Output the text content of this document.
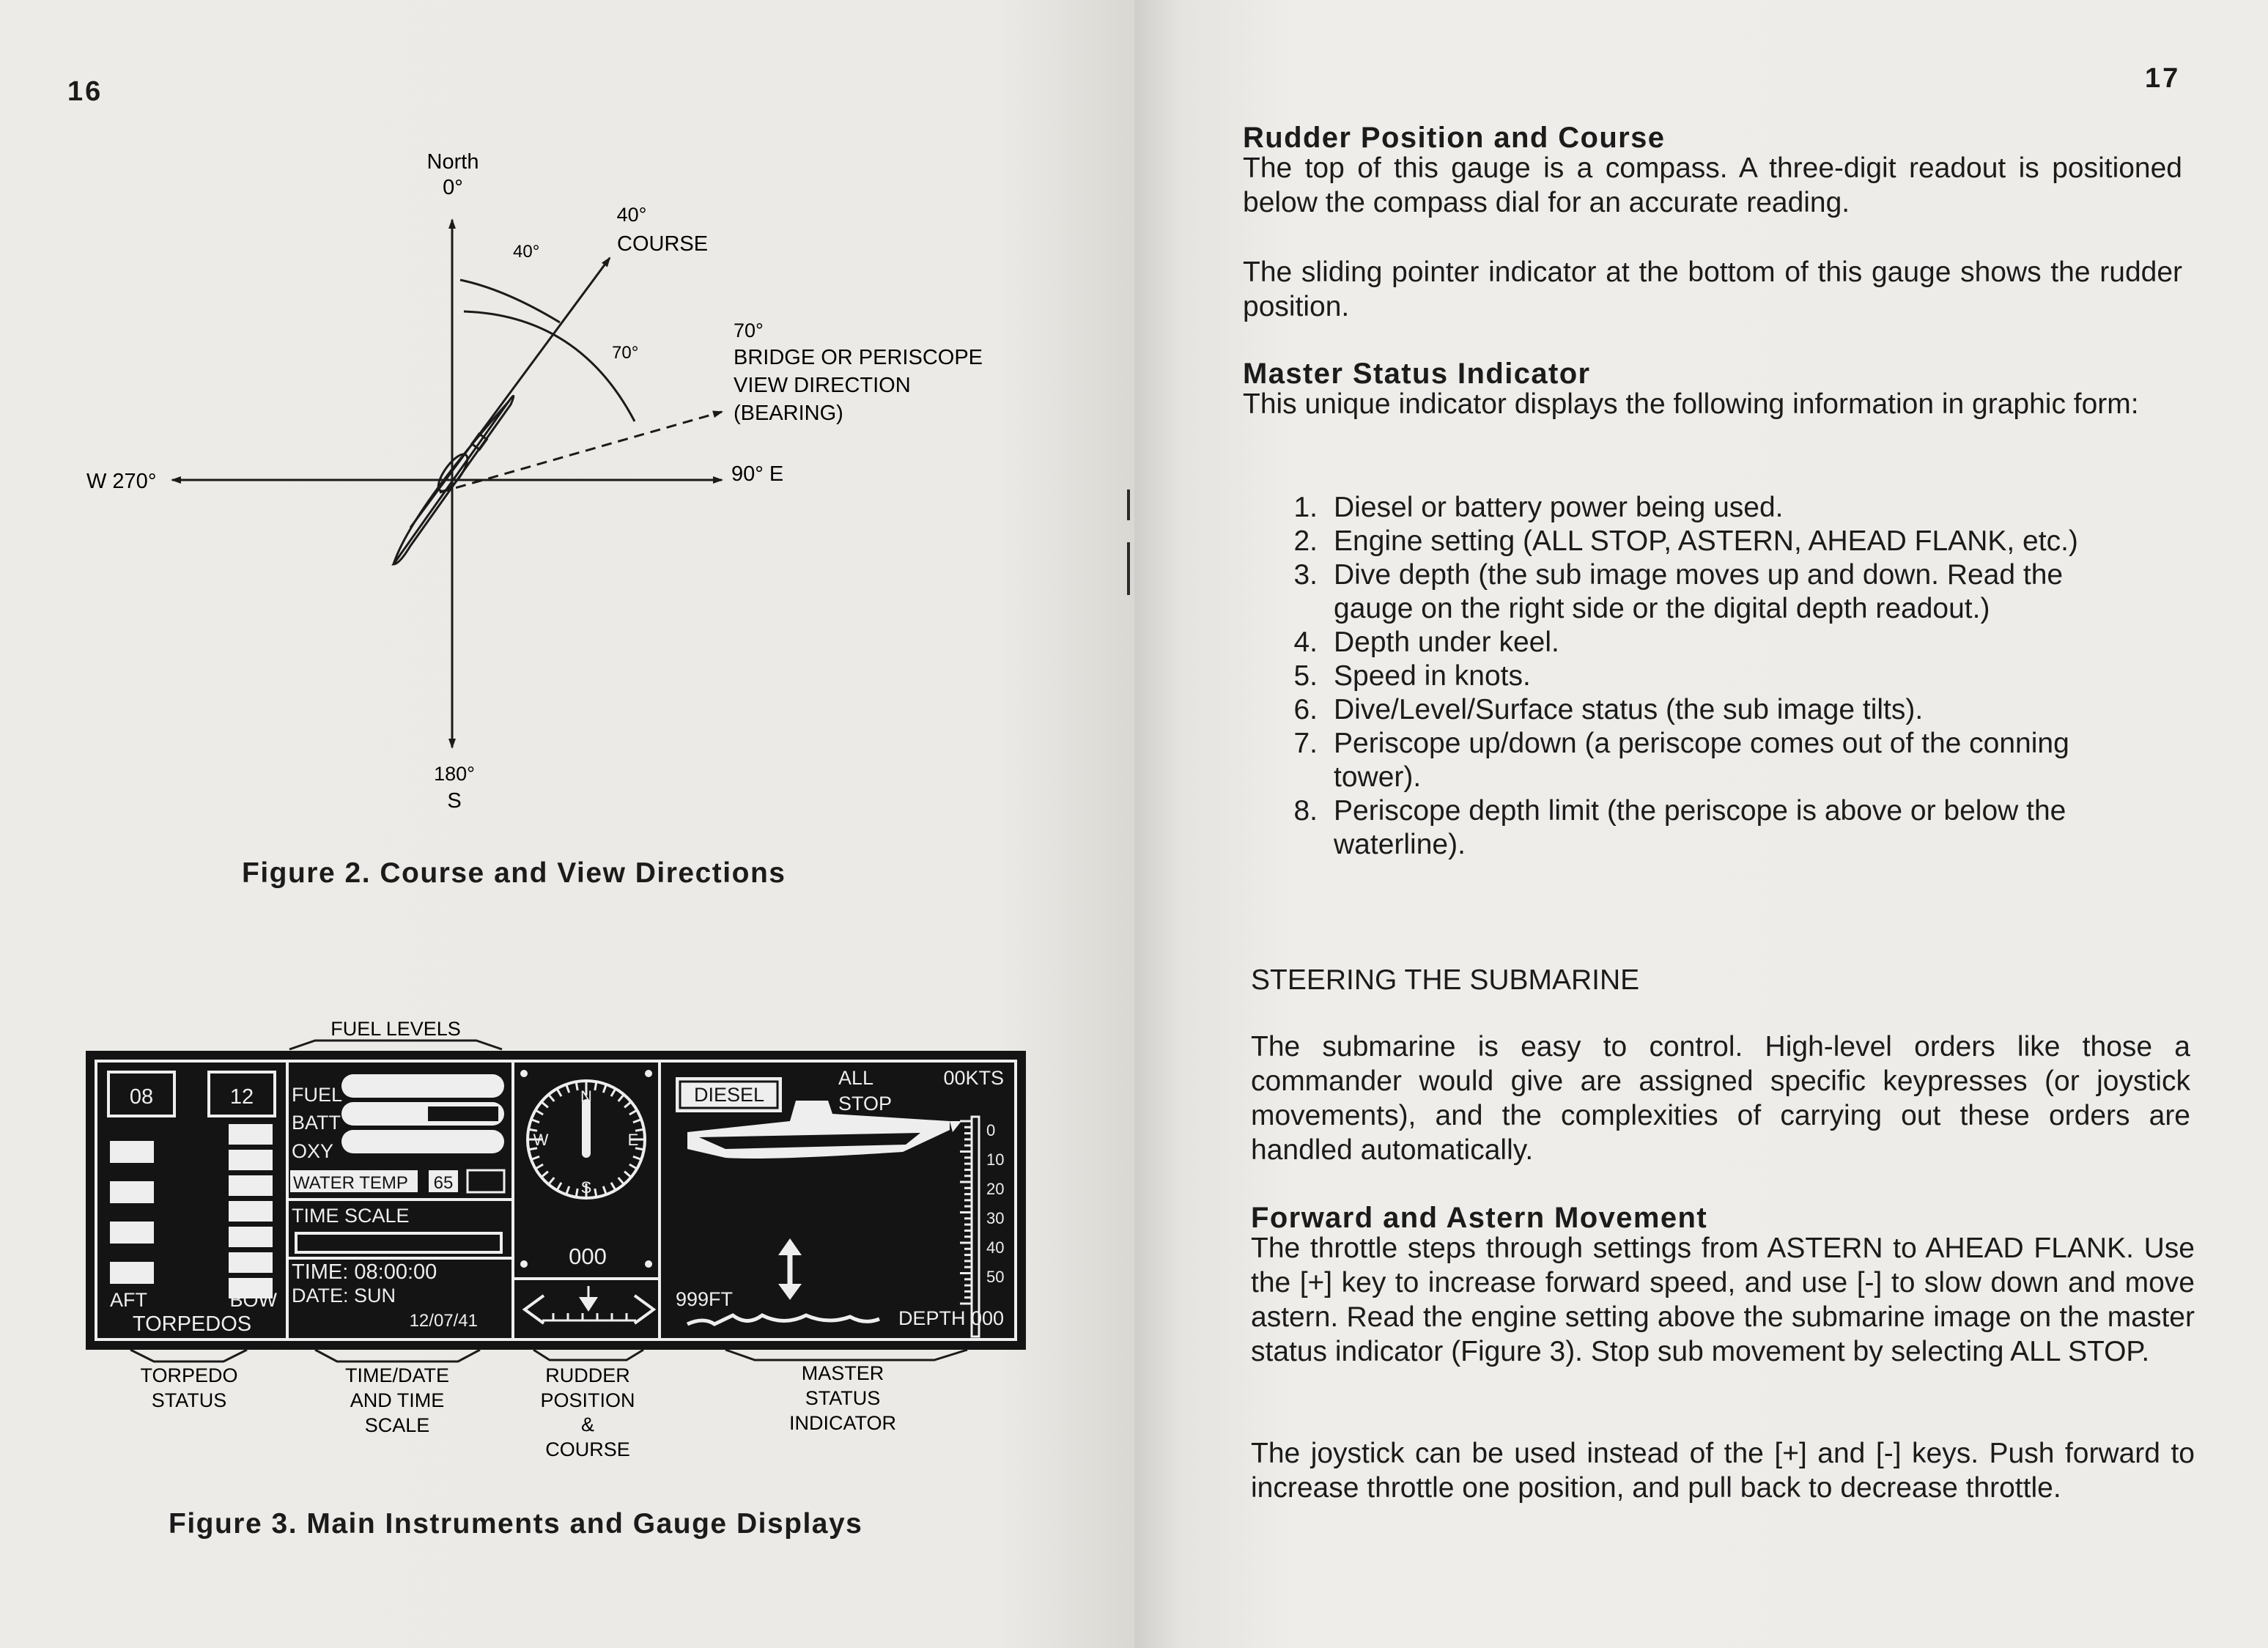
16
North
0°
40°
COURSE
40°
70°
70°
BRIDGE OR PERISCOPE
VIEW DIRECTION
(BEARING)
W 270°	90° E
180°
S
Figure 2. Course and View Directions
FUEL LEVELS
08	12
AFT	BOW
TORPEDOS
FUEL
BATT
OXY
WATER TEMP 65
TIME SCALE
TIME: 08:00:00
DATE: SUN
12/07/41
N
S
W	E
000
DIESEL
ALL
STOP
00KTS
0
10
20
30
40
50
999FT
DEPTH 000
TORPEDO
STATUS
TIME/DATE
AND TIME
SCALE
RUDDER
POSITION
&
COURSE
MASTER
STATUS
INDICATOR
Figure 3. Main Instruments and Gauge Displays
17
Rudder Position and Course
The top of this gauge is a compass. A three-digit readout is positioned below the compass dial for an accurate reading.
The sliding pointer indicator at the bottom of this gauge shows the rudder position.
Master Status Indicator
This unique indicator displays the following information in graphic form:
1. Diesel or battery power being used.
2. Engine setting (ALL STOP, ASTERN, AHEAD FLANK, etc.)
3. Dive depth (the sub image moves up and down. Read the gauge on the right side or the digital depth readout.)
4. Depth under keel.
5. Speed in knots.
6. Dive/Level/Surface status (the sub image tilts).
7. Periscope up/down (a periscope comes out of the conning tower).
8. Periscope depth limit (the periscope is above or below the waterline).
STEERING THE SUBMARINE
The submarine is easy to control. High-level orders like those a commander would give are assigned specific keypresses (or joystick movements), and the complexities of carrying out these orders are handled automatically.
Forward and Astern Movement
The throttle steps through settings from ASTERN to AHEAD FLANK. Use the [+] key to increase forward speed, and use [-] to slow down and move astern. Read the engine setting above the submarine image on the master status indicator (Figure 3). Stop sub movement by selecting ALL STOP.
The joystick can be used instead of the [+] and [-] keys. Push forward to increase throttle one position, and pull back to decrease throttle.
